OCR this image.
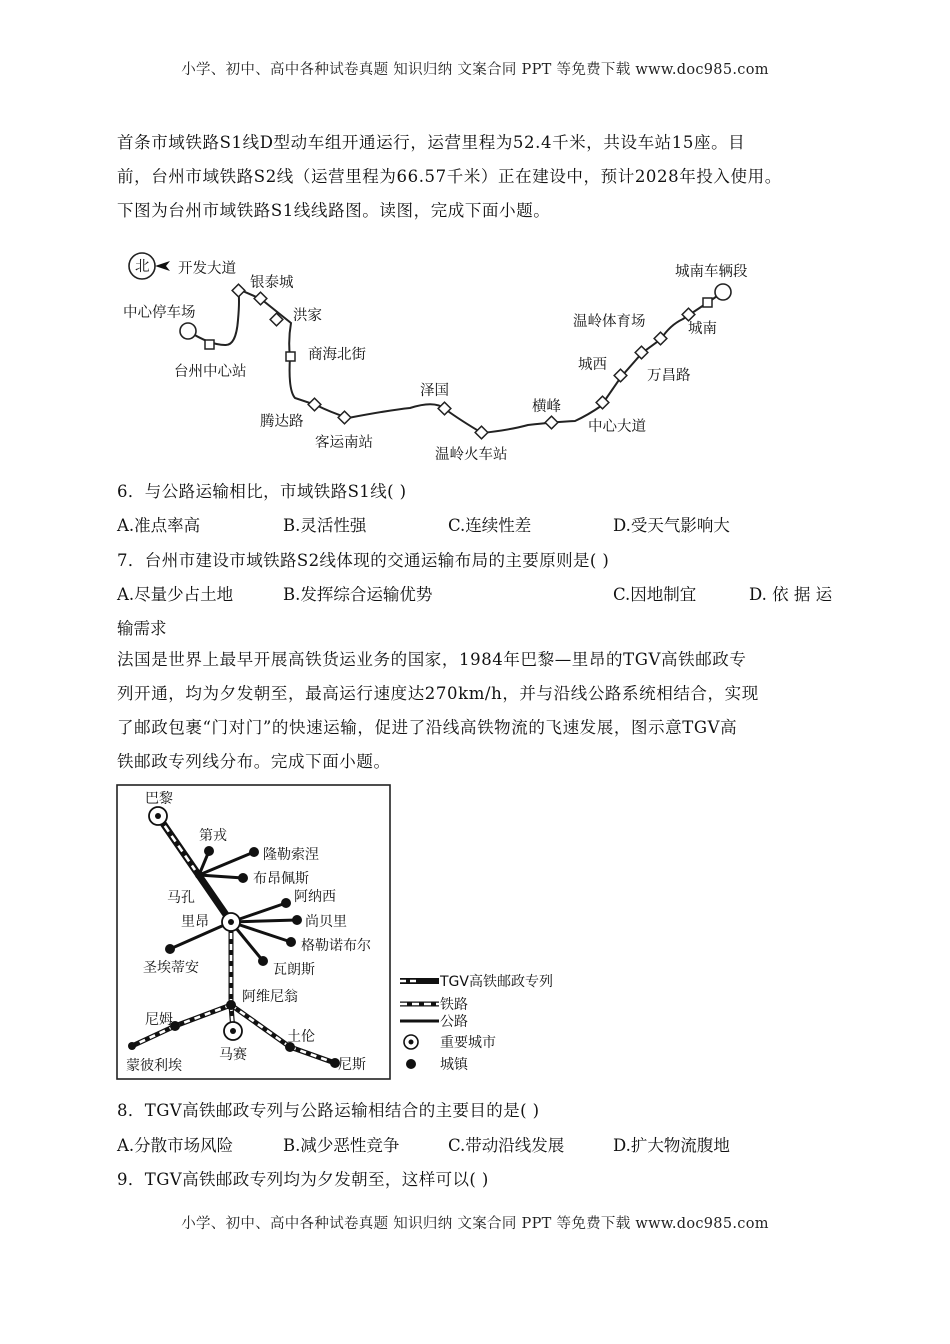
小学、初中、高中各种试卷真题 知识归纳 文案合同 PPT 等免费下载 www.doc985.com
首条市域铁路S1线D型动车组开通运行，运营里程为52.4千米，共设车站15座。目
前，台州市域铁路S2线（运营里程为66.57千米）正在建设中，预计2028年投入使用。
下图为台州市域铁路S1线线路图。读图，完成下面小题。
北 开发大道
银泰城
洪家
中心停车场
商海北街
台州中心站
腾达路
客运南站
泽国
温岭火车站
横峰
中心大道
万昌路
城西
温岭体育场	城南
城南车辆段
6．与公路运输相比，市域铁路S1线( )
A.准点率高	B.灵活性强	C.连续性差	D.受天气影响大
7．台州市建设市域铁路S2线体现的交通运输布局的主要原则是( )
A.尽量少占土地	B.发挥综合运输优势	C.因地制宜	D. 依 据 运
输需求
法国是世界上最早开展高铁货运业务的国家，1984年巴黎—里昂的TGV高铁邮政专
列开通，均为夕发朝至，最高运行速度达270km/h，并与沿线公路系统相结合，实现
了邮政包裹“门对门”的快速运输，促进了沿线高铁物流的飞速发展，图示意TGV高
铁邮政专列线分布。完成下面小题。
巴黎
第戎
隆勒索涅
布昂佩斯
马孔	阿纳西
里昂	尚贝里
格勒诺布尔
圣埃蒂安	瓦朗斯
阿维尼翁
尼姆
土伦
蒙彼利埃
马赛
尼斯
TGV高铁邮政专列
铁路
公路
重要城市
城镇
8．TGV高铁邮政专列与公路运输相结合的主要目的是( )
A.分散市场风险	B.减少恶性竞争	C.带动沿线发展	D.扩大物流腹地
9．TGV高铁邮政专列均为夕发朝至，这样可以( )
小学、初中、高中各种试卷真题 知识归纳 文案合同 PPT 等免费下载 www.doc985.com
